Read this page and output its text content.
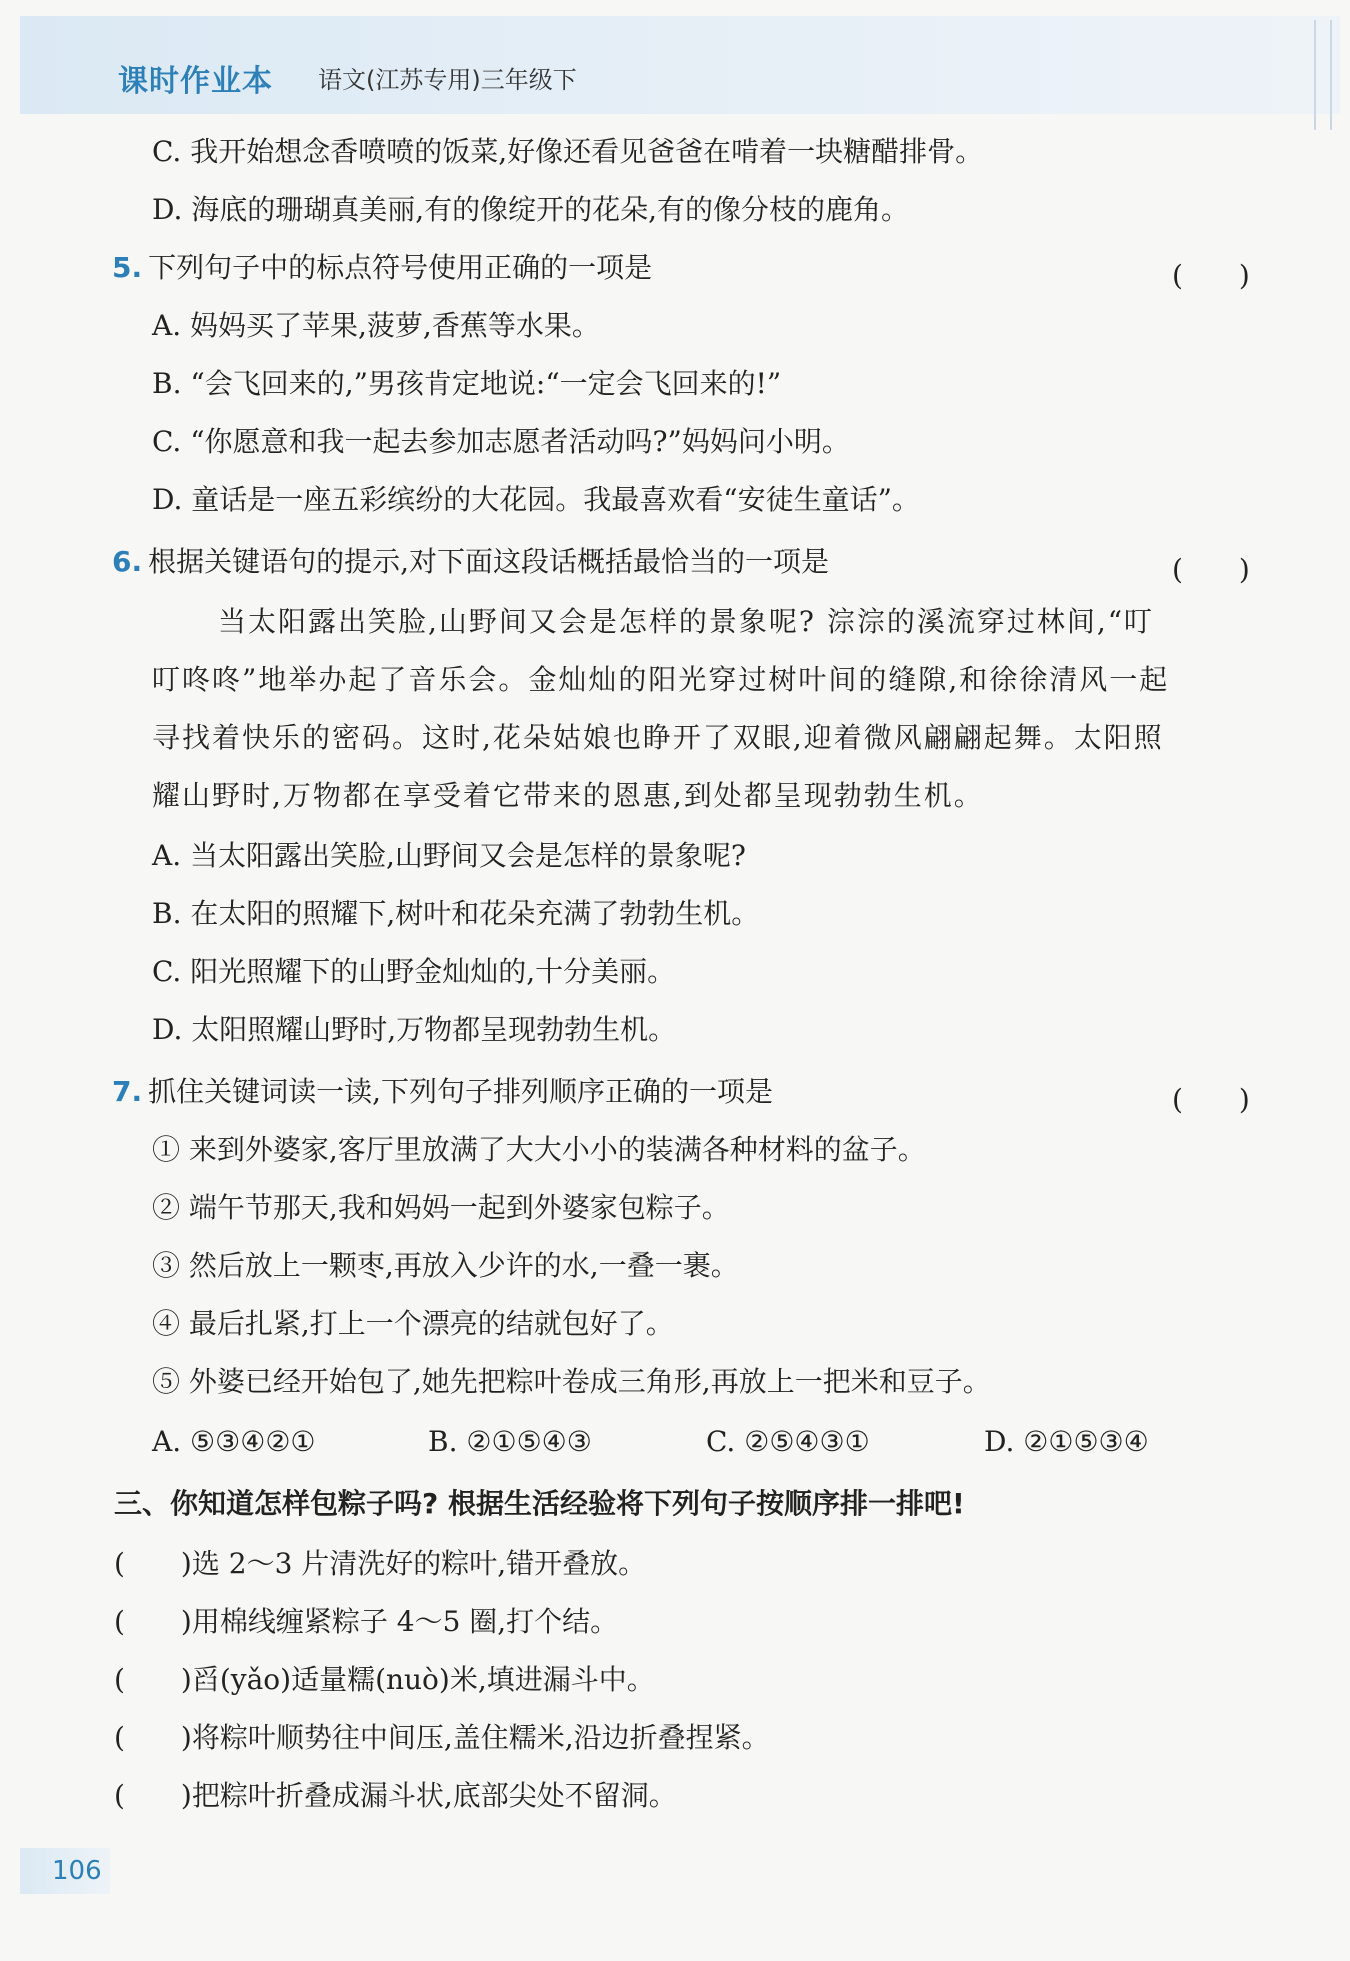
课时作业本 语文(江苏专用)三年级下
C. 我开始想念香喷喷的饭菜,好像还看见爸爸在啃着一块糖醋排骨。
D. 海底的珊瑚真美丽,有的像绽开的花朵,有的像分枝的鹿角。
5. 下列句子中的标点符号使用正确的一项是	(　　)
A. 妈妈买了苹果,菠萝,香蕉等水果。
B. “会飞回来的,”男孩肯定地说:“一定会飞回来的!”
C. “你愿意和我一起去参加志愿者活动吗?”妈妈问小明。
D. 童话是一座五彩缤纷的大花园。我最喜欢看“安徒生童话”。
6. 根据关键语句的提示,对下面这段话概括最恰当的一项是	(　　)
当太阳露出笑脸,山野间又会是怎样的景象呢? 淙淙的溪流穿过林间,“叮
叮咚咚”地举办起了音乐会。金灿灿的阳光穿过树叶间的缝隙,和徐徐清风一起
寻找着快乐的密码。这时,花朵姑娘也睁开了双眼,迎着微风翩翩起舞。太阳照
耀山野时,万物都在享受着它带来的恩惠,到处都呈现勃勃生机。
A. 当太阳露出笑脸,山野间又会是怎样的景象呢?
B. 在太阳的照耀下,树叶和花朵充满了勃勃生机。
C. 阳光照耀下的山野金灿灿的,十分美丽。
D. 太阳照耀山野时,万物都呈现勃勃生机。
7. 抓住关键词读一读,下列句子排列顺序正确的一项是	(　　)
① 来到外婆家,客厅里放满了大大小小的装满各种材料的盆子。
② 端午节那天,我和妈妈一起到外婆家包粽子。
③ 然后放上一颗枣,再放入少许的水,一叠一裹。
④ 最后扎紧,打上一个漂亮的结就包好了。
⑤ 外婆已经开始包了,她先把粽叶卷成三角形,再放上一把米和豆子。
A. ⑤③④②①	B. ②①⑤④③	C. ②⑤④③①	D. ②①⑤③④
三、你知道怎样包粽子吗? 根据生活经验将下列句子按顺序排一排吧!
(　　)选 2～3 片清洗好的粽叶,错开叠放。
(　　)用棉线缠紧粽子 4～5 圈,打个结。
(　　)舀(yǎo)适量糯(nuò)米,填进漏斗中。
(　　)将粽叶顺势往中间压,盖住糯米,沿边折叠捏紧。
(　　)把粽叶折叠成漏斗状,底部尖处不留洞。
106
